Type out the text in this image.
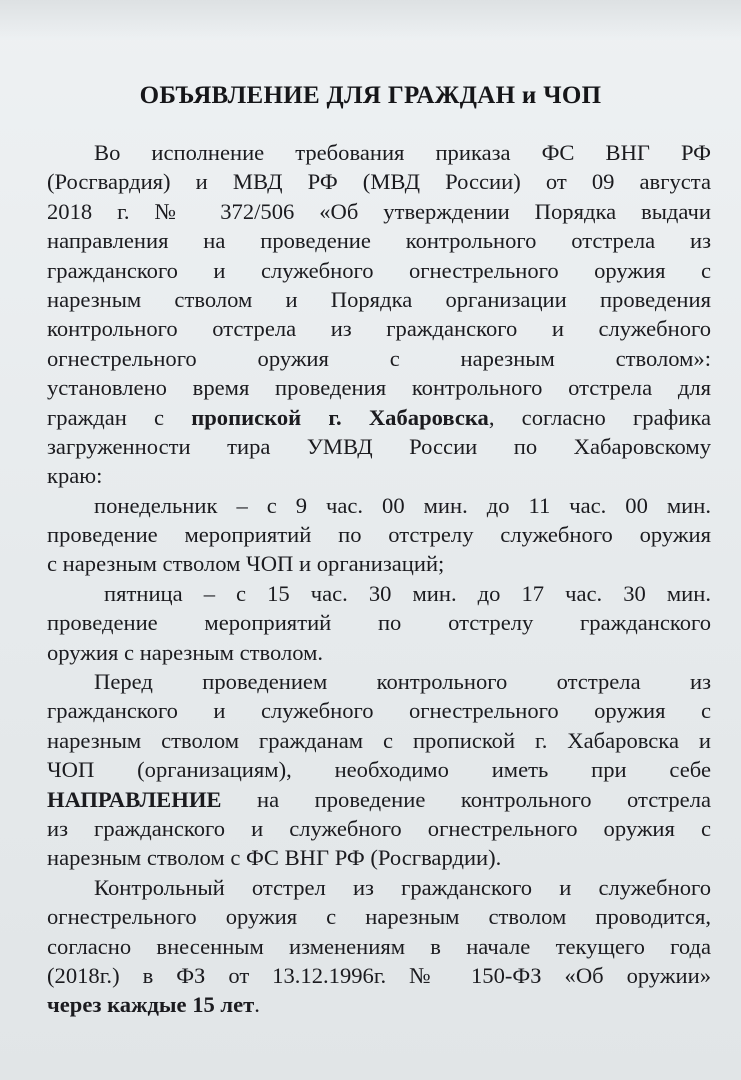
ОБЪЯВЛЕНИЕ ДЛЯ ГРАЖДАН и ЧОП
Во исполнение требования приказа ФС ВНГ РФ
(Росгвардия) и МВД РФ (МВД России) от 09 августа
2018 г. № 372/506 «Об утверждении Порядка выдачи
направления на проведение контрольного отстрела из
гражданского и служебного огнестрельного оружия с
нарезным стволом и Порядка организации проведения
контрольного отстрела из гражданского и служебного
огнестрельного оружия с нарезным стволом»:
установлено время проведения контрольного отстрела для
граждан с пропиской г. Хабаровска, согласно графика
загруженности тира УМВД России по Хабаровскому
краю:
понедельник – с 9 час. 00 мин. до 11 час. 00 мин.
проведение мероприятий по отстрелу служебного оружия
с нарезным стволом ЧОП и организаций;
пятница – с 15 час. 30 мин. до 17 час. 30 мин.
проведение мероприятий по отстрелу гражданского
оружия с нарезным стволом.
Перед проведением контрольного отстрела из
гражданского и служебного огнестрельного оружия с
нарезным стволом гражданам с пропиской г. Хабаровска и
ЧОП (организациям), необходимо иметь при себе
НАПРАВЛЕНИЕ на проведение контрольного отстрела
из гражданского и служебного огнестрельного оружия с
нарезным стволом с ФС ВНГ РФ (Росгвардии).
Контрольный отстрел из гражданского и служебного
огнестрельного оружия с нарезным стволом проводится,
согласно внесенным изменениям в начале текущего года
(2018г.) в ФЗ от 13.12.1996г. № 150-ФЗ «Об оружии»
через каждые 15 лет.
